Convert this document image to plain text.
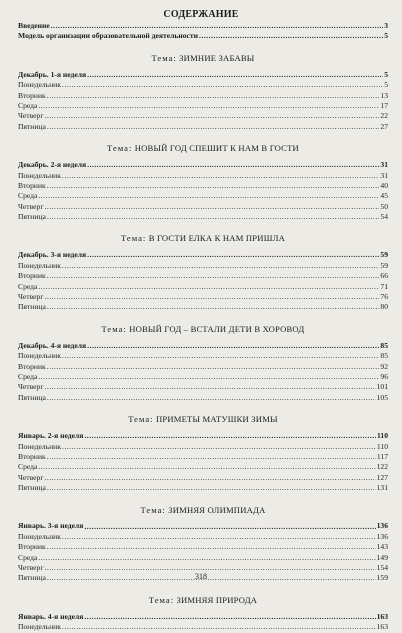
СОДЕРЖАНИЕ
Введение .....	3
Модель организации образовательной деятельности .....	5
Тема: ЗИМНИЕ ЗАБАВЫ
Декабрь. 1-я неделя .....	5
Понедельник .....	5
Вторник .....	13
Среда .....	17
Четверг .....	22
Пятница .....	27
Тема: НОВЫЙ ГОД СПЕШИТ К НАМ В ГОСТИ
Декабрь. 2-я неделя .....	31
Понедельник .....	31
Вторник .....	40
Среда .....	45
Четверг .....	50
Пятница .....	54
Тема: В ГОСТИ ЕЛКА К НАМ ПРИШЛА
Декабрь. 3-я неделя .....	59
Понедельник .....	59
Вторник .....	66
Среда .....	71
Четверг .....	76
Пятница .....	80
Тема: НОВЫЙ ГОД – ВСТАЛИ ДЕТИ В ХОРОВОД
Декабрь. 4-я неделя .....	85
Понедельник .....	85
Вторник .....	92
Среда .....	96
Четверг .....	101
Пятница .....	105
Тема: ПРИМЕТЫ МАТУШКИ ЗИМЫ
Январь. 2-я неделя .....	110
Понедельник .....	110
Вторник .....	117
Среда .....	122
Четверг .....	127
Пятница .....	131
Тема: ЗИМНЯЯ ОЛИМПИАДА
Январь. 3-я неделя .....	136
Понедельник .....	136
Вторник .....	143
Среда .....	149
Четверг .....	154
Пятница .....	159
Тема: ЗИМНЯЯ ПРИРОДА
Январь. 4-я неделя .....	163
Понедельник .....	163
318
